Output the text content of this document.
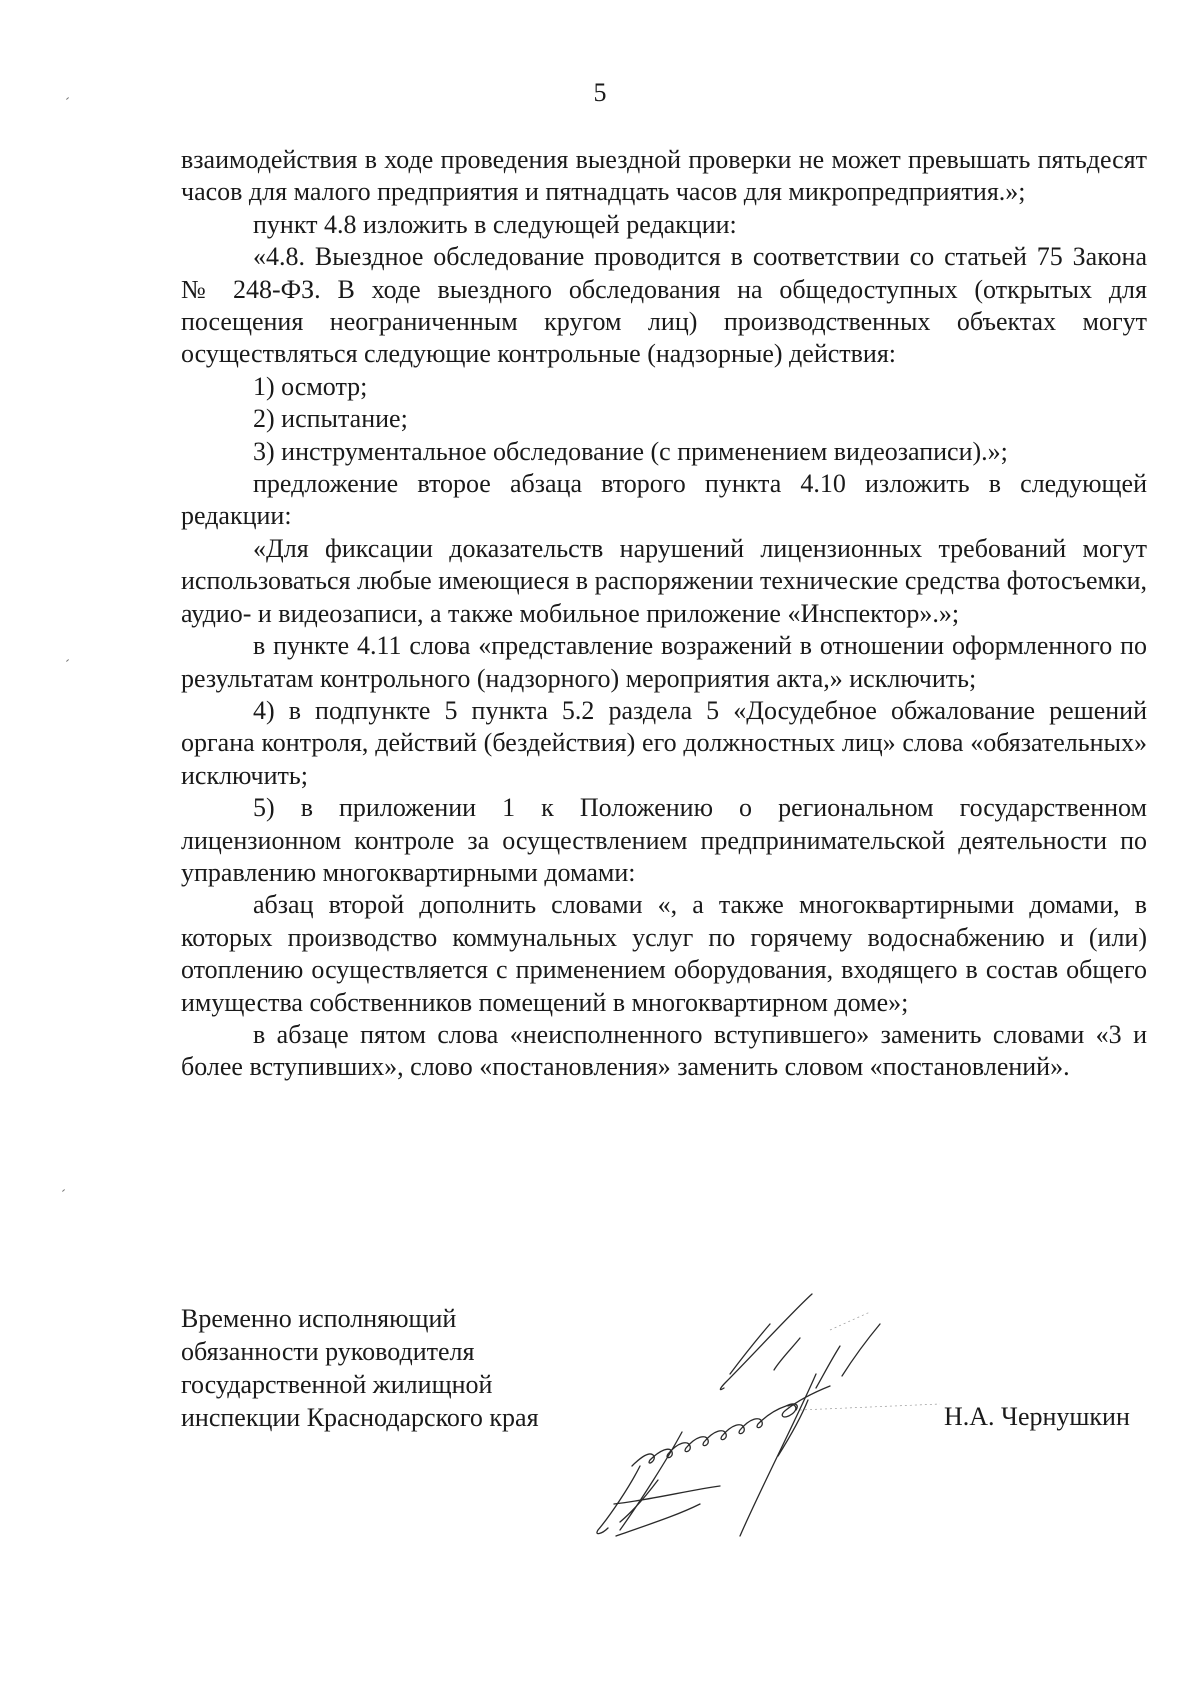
5

взаимодействия в ходе проведения выездной проверки не может превышать пятьдесят часов для малого предприятия и пятнадцать часов для микропредприятия.»;

пункт 4.8 изложить в следующей редакции:

«4.8. Выездное обследование проводится в соответствии со статьей 75 Закона № 248-ФЗ. В ходе выездного обследования на общедоступных (открытых для посещения неограниченным кругом лиц) производственных объектах могут осуществляться следующие контрольные (надзорные) действия:

1) осмотр;

2) испытание;

3) инструментальное обследование (с применением видеозаписи).»;

предложение второе абзаца второго пункта 4.10 изложить в следующей редакции:

«Для фиксации доказательств нарушений лицензионных требований могут использоваться любые имеющиеся в распоряжении технические средства фотосъемки, аудио- и видеозаписи, а также мобильное приложение «Инспектор».»;

в пункте 4.11 слова «представление возражений в отношении оформленного по результатам контрольного (надзорного) мероприятия акта,» исключить;

4) в подпункте 5 пункта 5.2 раздела 5 «Досудебное обжалование решений органа контроля, действий (бездействия) его должностных лиц» слова «обязательных» исключить;

5) в приложении 1 к Положению о региональном государственном лицензионном контроле за осуществлением предпринимательской деятельности по управлению многоквартирными домами:

абзац второй дополнить словами «, а также многоквартирными домами, в которых производство коммунальных услуг по горячему водоснабжению и (или) отоплению осуществляется с применением оборудования, входящего в состав общего имущества собственников помещений в многоквартирном доме»;

в абзаце пятом слова «неисполненного вступившего» заменить словами «3 и более вступивших», слово «постановления» заменить словом «постановлений».

Временно исполняющий
обязанности руководителя
государственной жилищной
инспекции Краснодарского края	Н.А. Чернушкин
